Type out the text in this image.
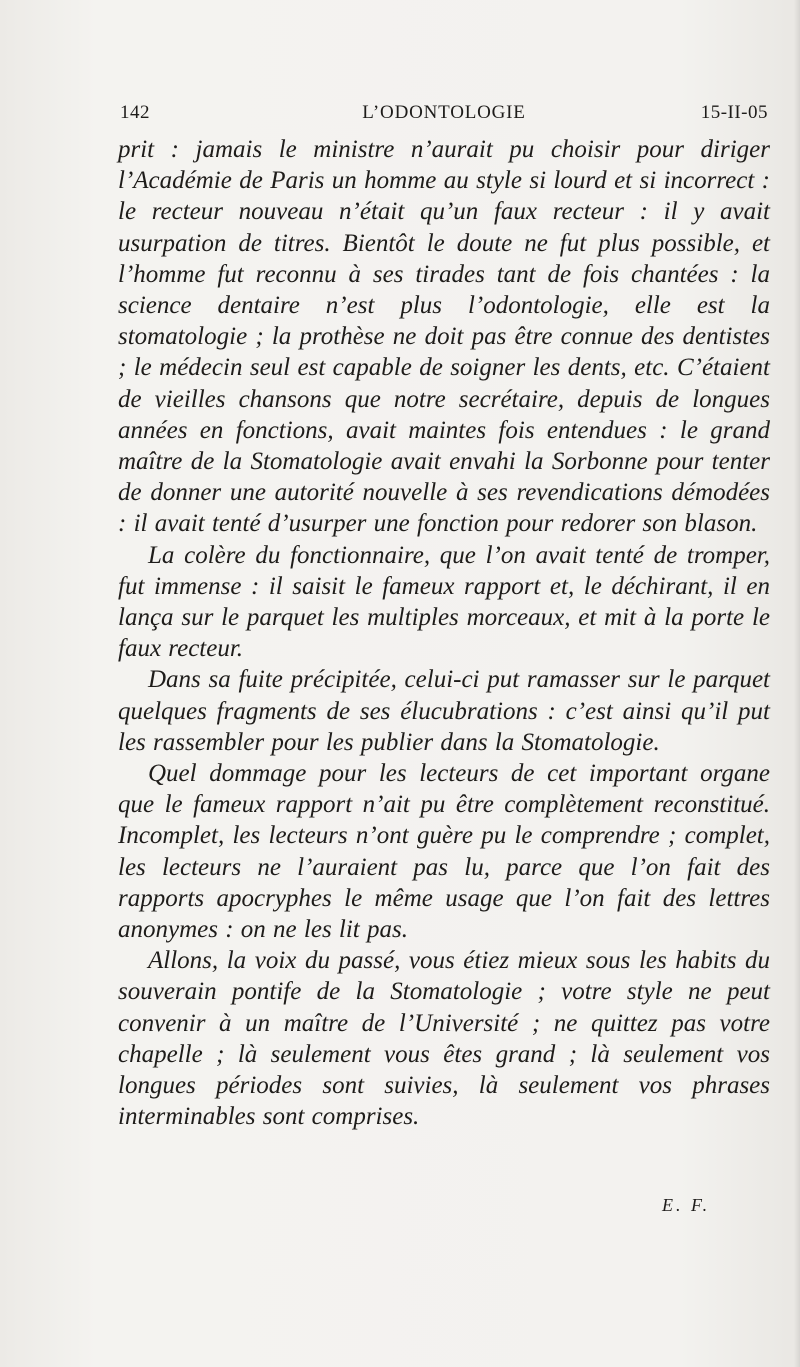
142	L’ODONTOLOGIE	15-II-05

prit : jamais le ministre n’aurait pu choisir pour diriger l’Académie de Paris un homme au style si lourd et si incorrect : le recteur nouveau n’était qu’un faux recteur : il y avait usurpation de titres. Bientôt le doute ne fut plus possible, et l’homme fut reconnu à ses tirades tant de fois chantées : la science dentaire n’est plus l’odontologie, elle est la stomatologie ; la prothèse ne doit pas être connue des dentistes ; le médecin seul est capable de soigner les dents, etc. C’étaient de vieilles chansons que notre secrétaire, depuis de longues années en fonctions, avait maintes fois entendues : le grand maître de la Stomatologie avait envahi la Sorbonne pour tenter de donner une autorité nouvelle à ses revendications démodées : il avait tenté d’usurper une fonction pour redorer son blason.

La colère du fonctionnaire, que l’on avait tenté de tromper, fut immense : il saisit le fameux rapport et, le déchirant, il en lança sur le parquet les multiples morceaux, et mit à la porte le faux recteur.

Dans sa fuite précipitée, celui-ci put ramasser sur le parquet quelques fragments de ses élucubrations : c’est ainsi qu’il put les rassembler pour les publier dans la Stomatologie.

Quel dommage pour les lecteurs de cet important organe que le fameux rapport n’ait pu être complètement reconstitué. Incomplet, les lecteurs n’ont guère pu le comprendre ; complet, les lecteurs ne l’auraient pas lu, parce que l’on fait des rapports apocryphes le même usage que l’on fait des lettres anonymes : on ne les lit pas.

Allons, la voix du passé, vous étiez mieux sous les habits du souverain pontife de la Stomatologie ; votre style ne peut convenir à un maître de l’Université ; ne quittez pas votre chapelle ; là seulement vous êtes grand ; là seulement vos longues périodes sont suivies, là seulement vos phrases interminables sont comprises.

E. F.
